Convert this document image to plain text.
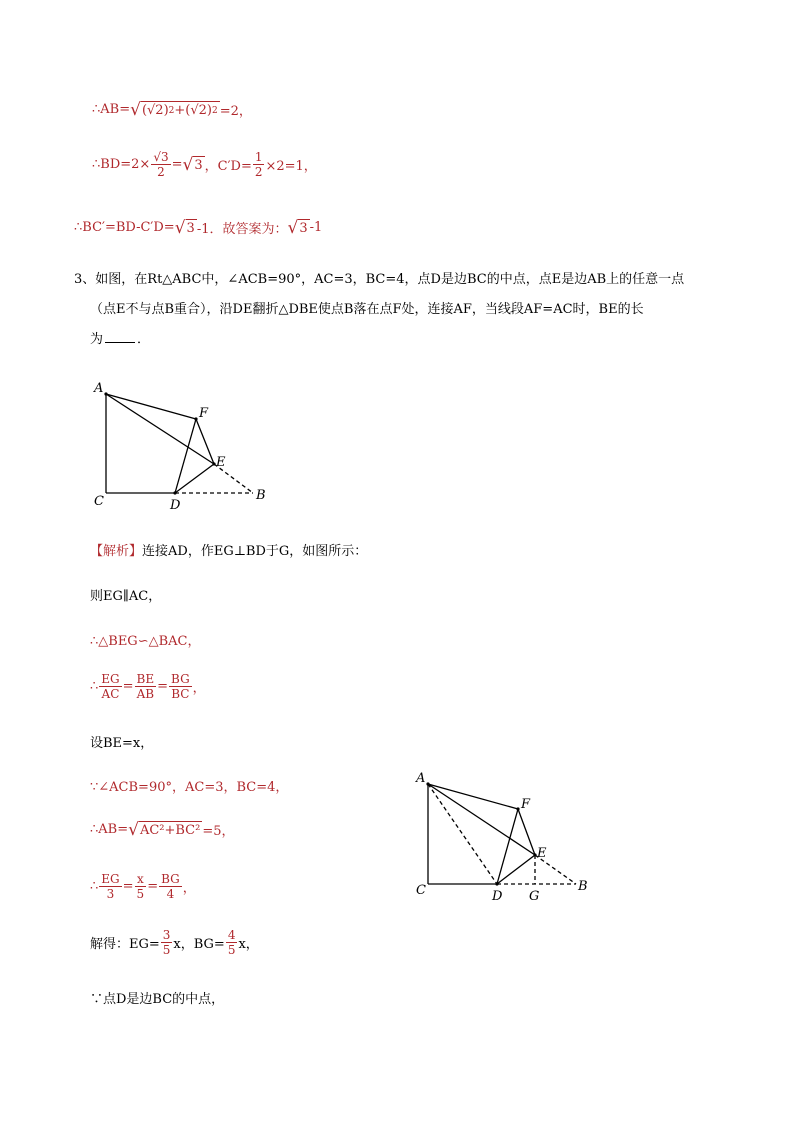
∴AB= √ (√2) 2 + (√2) 2 =2，
∴BD=2× $\frac{√3}{2}$ = √ 3 ，$C'D= \frac{1}{2} \times 2=1$，
∴BC′=BD-C′D= √ 3 -1．故答案为： √ 3 -1
3、如图，在Rt△ABC中，∠ACB=90°，AC=3，BC=4，点D是边BC的中点，点E是边AB上的任意一点
（点E不与点B重合），沿DE翻折△DBE使点B落在点F处，连接AF，当线段AF=AC时，BE的长
为	．
A
F
E
C	D
B
【解析】 连接AD，作EG⊥BD于G，如图所示：
则EG∥AC，
∴△BEG∽△BAC，
∴ $\frac{EG}{AC} = \frac{BE}{AB} = \frac{BG}{BC}$ ，
设BE=x，
∵∠ACB=90°，AC=3，BC=4，
∴AB= √ AC²+BC² =5，
∴ $\frac{EG}{3} = \frac{x}{5} = \frac{BG}{4}$ ，
解得：$EG= \frac{3}{5}$ x，$BG= \frac{4}{5}$ x，
∵点D是边BC的中点，
A
F
E
C	D G
B
